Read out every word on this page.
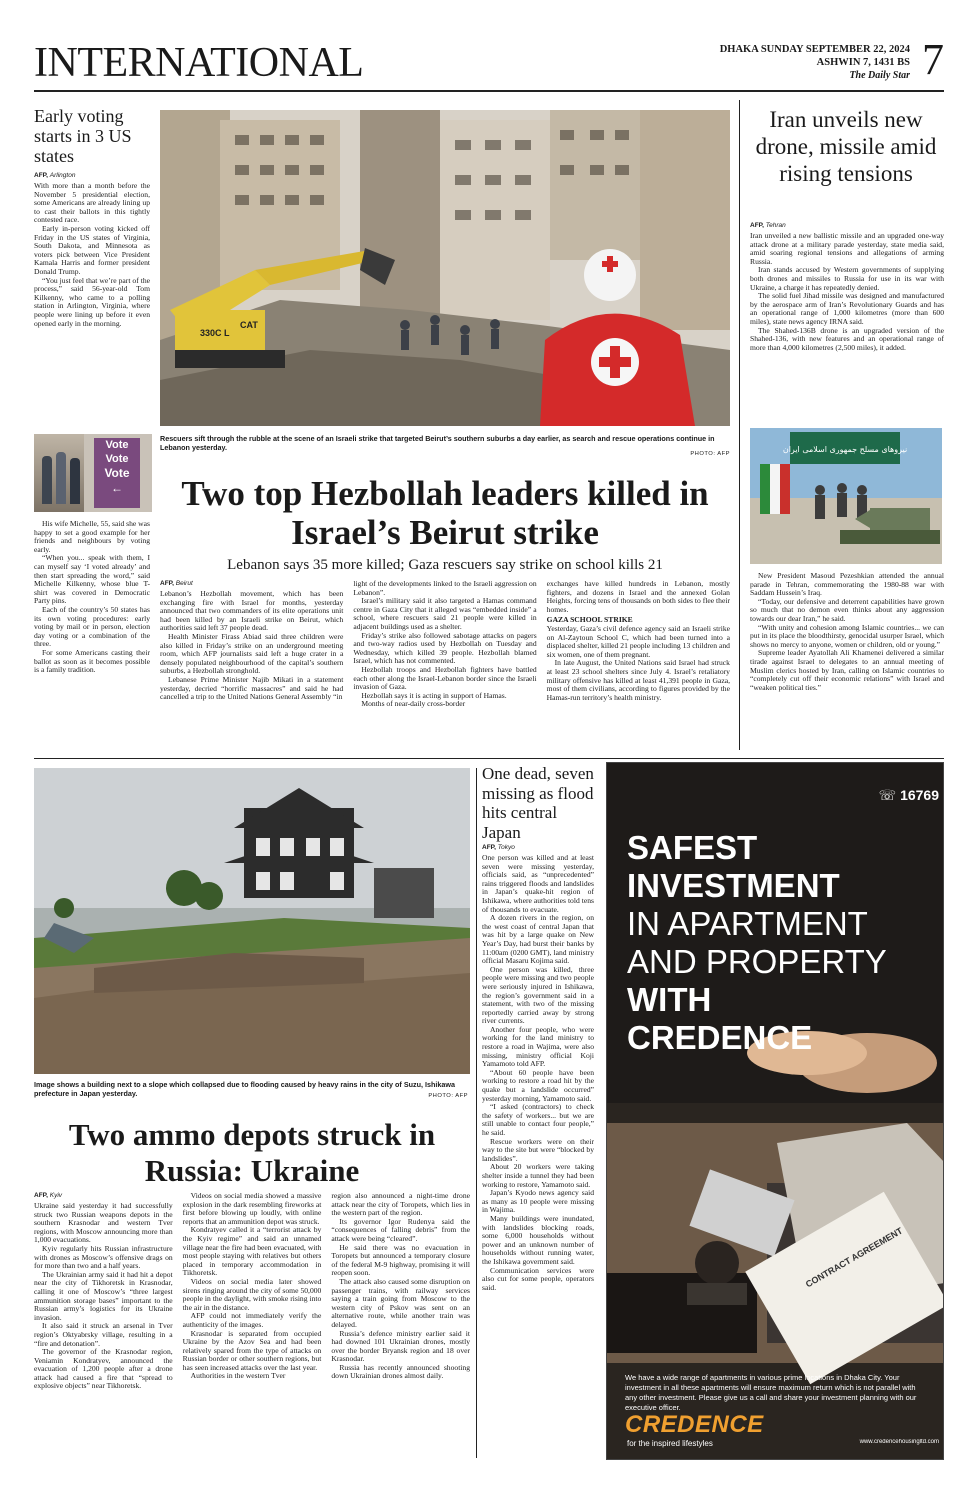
INTERNATIONAL	DHAKA SUNDAY SEPTEMBER 22, 2024
ASHWIN 7, 1431 BS
The Daily Star 7
Early voting starts in 3 US states
AFP, Arlington

With more than a month before the November 5 presidential election, some Americans are already lining up to cast their ballots in this tightly contested race.

Early in-person voting kicked off Friday in the US states of Virginia, South Dakota, and Minnesota as voters pick between Vice President Kamala Harris and former president Donald Trump.

“You just feel that we’re part of the process,” said 56-year-old Tom Kilkenny, who came to a polling station in Arlington, Virginia, where people were lining up before it even opened early in the morning.

Vote
Vote
Vote
←

His wife Michelle, 55, said she was happy to set a good example for her friends and neighbours by voting early.

“When you... speak with them, I can myself say ‘I voted already’ and then start spreading the word,” said Michelle Kilkenny, whose blue T-shirt was covered in Democratic Party pins.

Each of the country’s 50 states has its own voting procedures: early voting by mail or in person, election day voting or a combination of the three.

For some Americans casting their ballot as soon as it becomes possible is a family tradition.

330C L
CAT
Rescuers sift through the rubble at the scene of an Israeli strike that targeted Beirut’s southern suburbs a day earlier, as search and rescue operations continue in Lebanon yesterday.
PHOTO: AFP
Two top Hezbollah leaders killed in Israel’s Beirut strike
Lebanon says 35 more killed; Gaza rescuers say strike on school kills 21
AFP, Beirut

Lebanon’s Hezbollah movement, which has been exchanging fire with Israel for months, yesterday announced that two commanders of its elite operations unit had been killed by an Israeli strike on Beirut, which authorities said left 37 people dead.

Health Minister Firass Abiad said three children were also killed in Friday’s strike on an underground meeting room, which AFP journalists said left a huge crater in a densely populated neighbourhood of the capital’s southern suburbs, a Hezbollah stronghold.

Lebanese Prime Minister Najib Mikati in a statement yesterday, decried “horrific massacres” and said he had cancelled a trip to the United Nations General Assembly “in

light of the developments linked to the Israeli aggression on Lebanon”.

Israel’s military said it also targeted a Hamas command centre in Gaza City that it alleged was “embedded inside” a school, where rescuers said 21 people were killed in adjacent buildings used as a shelter.

Friday’s strike also followed sabotage attacks on pagers and two-way radios used by Hezbollah on Tuesday and Wednesday, which killed 39 people. Hezbollah blamed Israel, which has not commented.

Hezbollah troops and Hezbollah fighters have battled each other along the Israel-Lebanon border since the Israeli invasion of Gaza.

Hezbollah says it is acting in support of Hamas.

Months of near-daily cross-border

exchanges have killed hundreds in Lebanon, mostly fighters, and dozens in Israel and the annexed Golan Heights, forcing tens of thousands on both sides to flee their homes.

GAZA SCHOOL STRIKE

Yesterday, Gaza’s civil defence agency said an Israeli strike on Al-Zaytoun School C, which had been turned into a displaced shelter, killed 21 people including 13 children and six women, one of them pregnant.

In late August, the United Nations said Israel had struck at least 23 school shelters since July 4. Israel’s retaliatory military offensive has killed at least 41,391 people in Gaza, most of them civilians, according to figures provided by the Hamas-run territory’s health ministry.

Iran unveils new drone, missile amid rising tensions
AFP, Tehran

Iran unveiled a new ballistic missile and an upgraded one-way attack drone at a military parade yesterday, state media said, amid soaring regional tensions and allegations of arming Russia.

Iran stands accused by Western governments of supplying both drones and missiles to Russia for use in its war with Ukraine, a charge it has repeatedly denied.

The solid fuel Jihad missile was designed and manufactured by the aerospace arm of Iran’s Revolutionary Guards and has an operational range of 1,000 kilometres (more than 600 miles), state news agency IRNA said.

The Shahed-136B drone is an upgraded version of the Shahed-136, with new features and an operational range of more than 4,000 kilometres (2,500 miles), it added.

نیروهای مسلح جمهوری اسلامی ایران

New President Masoud Pezeshkian attended the annual parade in Tehran, commemorating the 1980-88 war with Saddam Hussein’s Iraq.

“Today, our defensive and deterrent capabilities have grown so much that no demon even thinks about any aggression towards our dear Iran,” he said.

“With unity and cohesion among Islamic countries... we can put in its place the bloodthirsty, genocidal usurper Israel, which shows no mercy to anyone, women or children, old or young.”

Supreme leader Ayatollah Ali Khamenei delivered a similar tirade against Israel to delegates to an annual meeting of Muslim clerics hosted by Iran, calling on Islamic countries to “completely cut off their economic relations” with Israel and “weaken political ties.”

Image shows a building next to a slope which collapsed due to flooding caused by heavy rains in the city of Suzu, Ishikawa prefecture in Japan yesterday.	PHOTO: AFP
Two ammo depots struck in Russia: Ukraine
AFP, Kyiv

Ukraine said yesterday it had successfully struck two Russian weapons depots in the southern Krasnodar and western Tver regions, with Moscow announcing more than 1,000 evacuations.

Kyiv regularly hits Russian infrastructure with drones as Moscow’s offensive drags on for more than two and a half years.

The Ukrainian army said it had hit a depot near the city of Tikhoretsk in Krasnodar, calling it one of Moscow’s “three largest ammunition storage bases” important to the Russian army’s logistics for its Ukraine invasion.

It also said it struck an arsenal in Tver region’s Oktyabrsky village, resulting in a “fire and detonation”.

The governor of the Krasnodar region, Veniamin Kondratyev, announced the evacuation of 1,200 people after a drone attack had caused a fire that “spread to explosive objects” near Tikhoretsk.

Videos on social media showed a massive explosion in the dark resembling fireworks at first before blowing up loudly, with online reports that an ammunition depot was struck.

Kondratyev called it a “terrorist attack by the Kyiv regime” and said an unnamed village near the fire had been evacuated, with most people staying with relatives but others placed in temporary accommodation in Tikhoretsk.

Videos on social media later showed sirens ringing around the city of some 50,000 people in the daylight, with smoke rising into the air in the distance.

AFP could not immediately verify the authenticity of the images.

Krasnodar is separated from occupied Ukraine by the Azov Sea and had been relatively spared from the type of attacks on Russian border or other southern regions, but has seen increased attacks over the last year.

Authorities in the western Tver

region also announced a night-time drone attack near the city of Toropets, which lies in the western part of the region.

Its governor Igor Rudenya said the “consequences of falling debris” from the attack were being “cleared”.

He said there was no evacuation in Toropets but announced a temporary closure of the federal M-9 highway, promising it will reopen soon.

The attack also caused some disruption on passenger trains, with railway services saying a train going from Moscow to the western city of Pskov was sent on an alternative route, while another train was delayed.

Russia’s defence ministry earlier said it had downed 101 Ukrainian drones, mostly over the border Bryansk region and 18 over Krasnodar.

Russia has recently announced shooting down Ukrainian drones almost daily.

One dead, seven missing as flood hits central Japan
AFP, Tokyo

One person was killed and at least seven were missing yesterday, officials said, as “unprecedented” rains triggered floods and landslides in Japan’s quake-hit region of Ishikawa, where authorities told tens of thousands to evacuate.

A dozen rivers in the region, on the west coast of central Japan that was hit by a large quake on New Year’s Day, had burst their banks by 11:00am (0200 GMT), land ministry official Masaru Kojima said.

One person was killed, three people were missing and two people were seriously injured in Ishikawa, the region’s government said in a statement, with two of the missing reportedly carried away by strong river currents.

Another four people, who were working for the land ministry to restore a road in Wajima, were also missing, ministry official Koji Yamamoto told AFP.

“About 60 people have been working to restore a road hit by the quake but a landslide occurred” yesterday morning, Yamamoto said.

“I asked (contractors) to check the safety of workers... but we are still unable to contact four people,” he said.

Rescue workers were on their way to the site but were “blocked by landslides”.

About 20 workers were taking shelter inside a tunnel they had been working to restore, Yamamoto said.

Japan’s Kyodo news agency said as many as 10 people were missing in Wajima.

Many buildings were inundated, with landslides blocking roads, some 6,000 households without power and an unknown number of households without running water, the Ishikawa government said.

Communication services were also cut for some people, operators said.

☏ 16769
SAFEST
INVESTMENT
IN APARTMENT
AND PROPERTY
WITH
CREDENCE
CONTRACT AGREEMENT
We have a wide range of apartments in various prime locations in Dhaka City. Your investment in all these apartments will ensure maximum return which is not parallel with any other investment. Please give us a call and share your investment planning with our executive officer.
CREDENCE
for the inspired lifestyles	www.credencehousingltd.com
